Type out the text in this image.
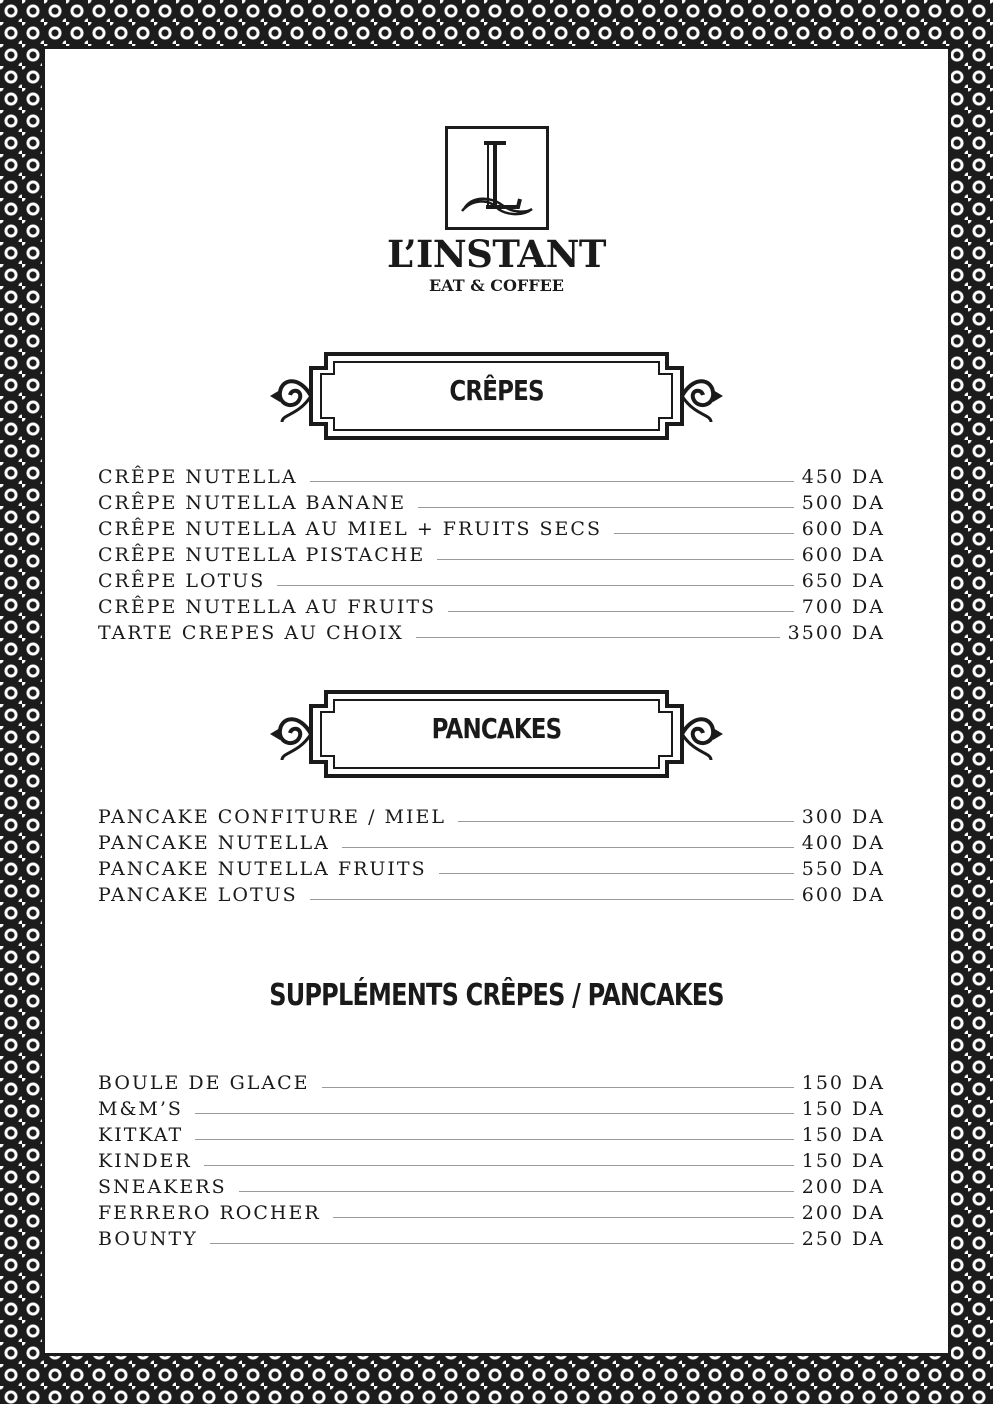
L’INSTANT
EAT & COFFEE
CRÊPES
CRÊPE NUTELLA	450 DA
CRÊPE NUTELLA BANANE	500 DA
CRÊPE NUTELLA AU MIEL + FRUITS SECS	600 DA
CRÊPE NUTELLA PISTACHE	600 DA
CRÊPE LOTUS	650 DA
CRÊPE NUTELLA AU FRUITS	700 DA
TARTE CREPES AU CHOIX	3500 DA
PANCAKES
PANCAKE CONFITURE / MIEL	300 DA
PANCAKE NUTELLA	400 DA
PANCAKE NUTELLA FRUITS	550 DA
PANCAKE LOTUS	600 DA
SUPPLÉMENTS CRÊPES / PANCAKES
BOULE DE GLACE	150 DA
M&M’S	150 DA
KITKAT	150 DA
KINDER	150 DA
SNEAKERS	200 DA
FERRERO ROCHER	200 DA
BOUNTY	250 DA
